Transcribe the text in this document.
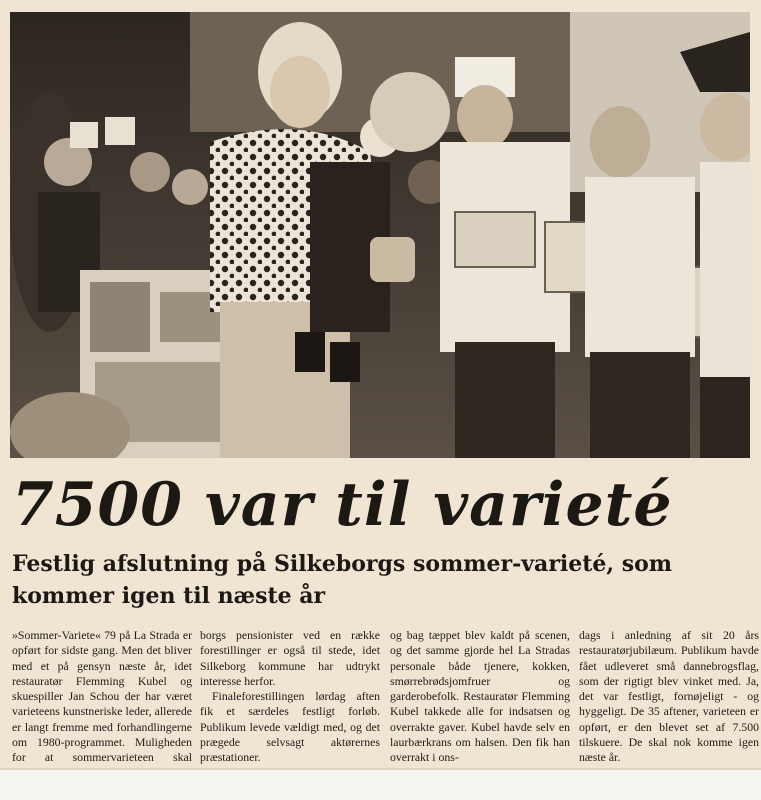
7500 var til varieté
Festlig afslutning på Silkeborgs sommer-varieté, som kommer igen til næste år

»Sommer-Variete« 79 på La Strada er opført for sidste gang. Men det bliver med et på gensyn næste år, idet restauratør Flemming Kubel og skuespiller Jan Schou der har været varieteens kunstneriske leder, allerede er langt fremme med forhandlingerne om 1980-programmet. Muligheden for at sommervarieteen skal

borgs pensionister ved en række forestillinger er også til stede, idet Silkeborg kommune har udtrykt interesse herfor.

Finaleforestillingen lørdag aften fik et særdeles festligt forløb. Publikum levede vældigt med, og det prægede selvsagt aktørernes præstationer.

og bag tæppet blev kaldt på scenen, og det samme gjorde hel La Stradas personale både tjenere, kokken, smørrebrødsjomfruer og garderobefolk. Restauratør Flemming Kubel takkede alle for indsatsen og overrakte gaver. Kubel havde selv en laurbærkrans om halsen. Den fik han overrakt i ons-

dags i anledning af sit 20 års restauratørjubilæum. Publikum havde fået udleveret små dannebrogsflag, som der rigtigt blev vinket med. Ja, det var festligt, fornøjeligt - og hyggeligt. De 35 aftener, varieteen er opført, er den blevet set af 7.500 tilskuere. De skal nok komme igen næste år.
